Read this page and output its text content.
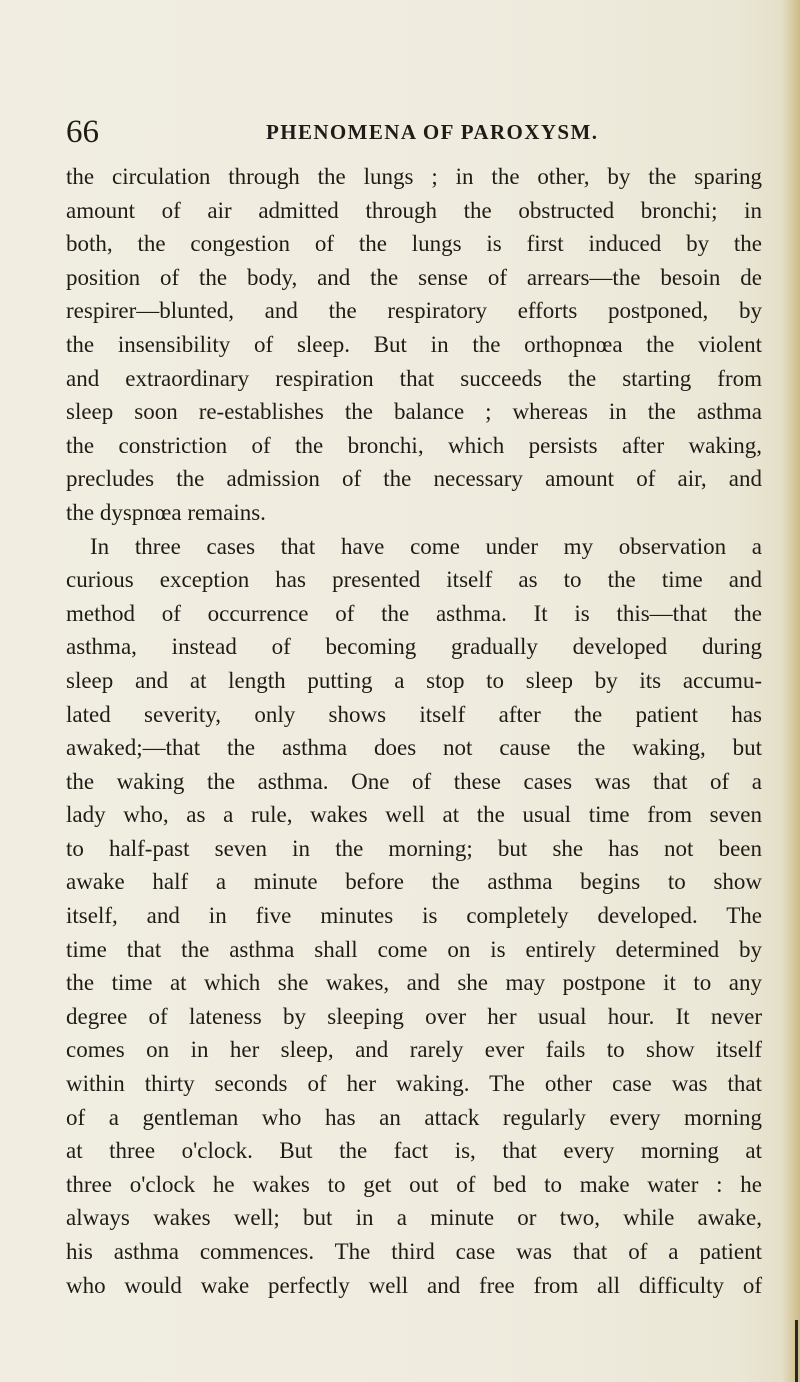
66	PHENOMENA OF PAROXYSM.
the circulation through the lungs ; in the other, by the sparing
amount of air admitted through the obstructed bronchi; in
both, the congestion of the lungs is first induced by the
position of the body, and the sense of arrears—the besoin de
respirer—blunted, and the respiratory efforts postponed, by
the insensibility of sleep. But in the orthopnœa the violent
and extraordinary respiration that succeeds the starting from
sleep soon re-establishes the balance ; whereas in the asthma
the constriction of the bronchi, which persists after waking,
precludes the admission of the necessary amount of air, and
the dyspnœa remains.
In three cases that have come under my observation a
curious exception has presented itself as to the time and
method of occurrence of the asthma. It is this—that the
asthma, instead of becoming gradually developed during
sleep and at length putting a stop to sleep by its accumu-
lated severity, only shows itself after the patient has
awaked;—that the asthma does not cause the waking, but
the waking the asthma. One of these cases was that of a
lady who, as a rule, wakes well at the usual time from seven
to half-past seven in the morning; but she has not been
awake half a minute before the asthma begins to show
itself, and in five minutes is completely developed. The
time that the asthma shall come on is entirely determined by
the time at which she wakes, and she may postpone it to any
degree of lateness by sleeping over her usual hour. It never
comes on in her sleep, and rarely ever fails to show itself
within thirty seconds of her waking. The other case was that
of a gentleman who has an attack regularly every morning
at three o'clock. But the fact is, that every morning at
three o'clock he wakes to get out of bed to make water : he
always wakes well; but in a minute or two, while awake,
his asthma commences. The third case was that of a patient
who would wake perfectly well and free from all difficulty of
